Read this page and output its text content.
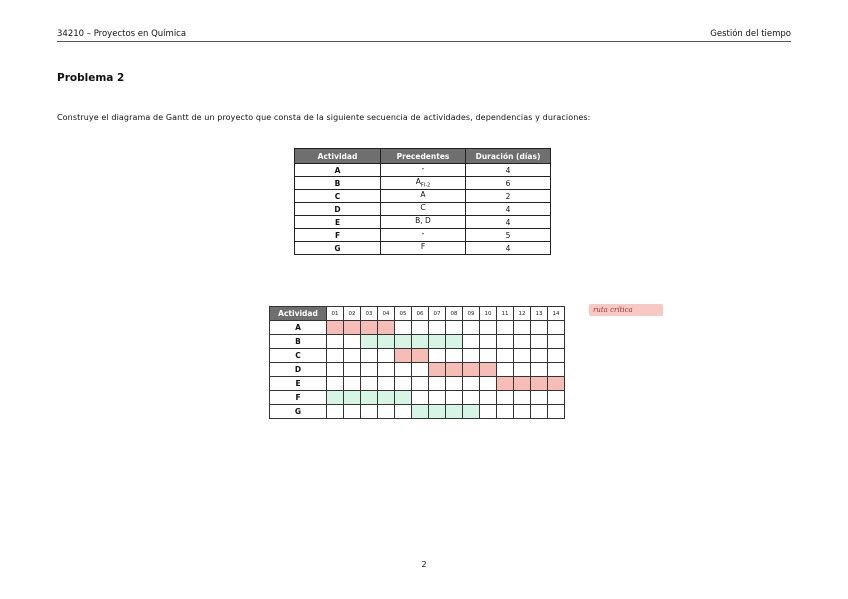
34210 – Proyectos en Química	Gestión del tiempo
Problema 2
Construye el diagrama de Gantt de un proyecto que consta de la siguiente secuencia de actividades, dependencias y duraciones:
Actividad	Precedentes	Duración (días)
A	-	4
B	$A_{FI-2}$	6
C	A	2
D	C	4
E	B, D	4
F	-	5
G	F	4
Actividad	01	02	03	04	05	06	07	08	09	10	11	12	13	14
A														
B														
C														
D														
E														
F														
G														
ruta crítica
2
